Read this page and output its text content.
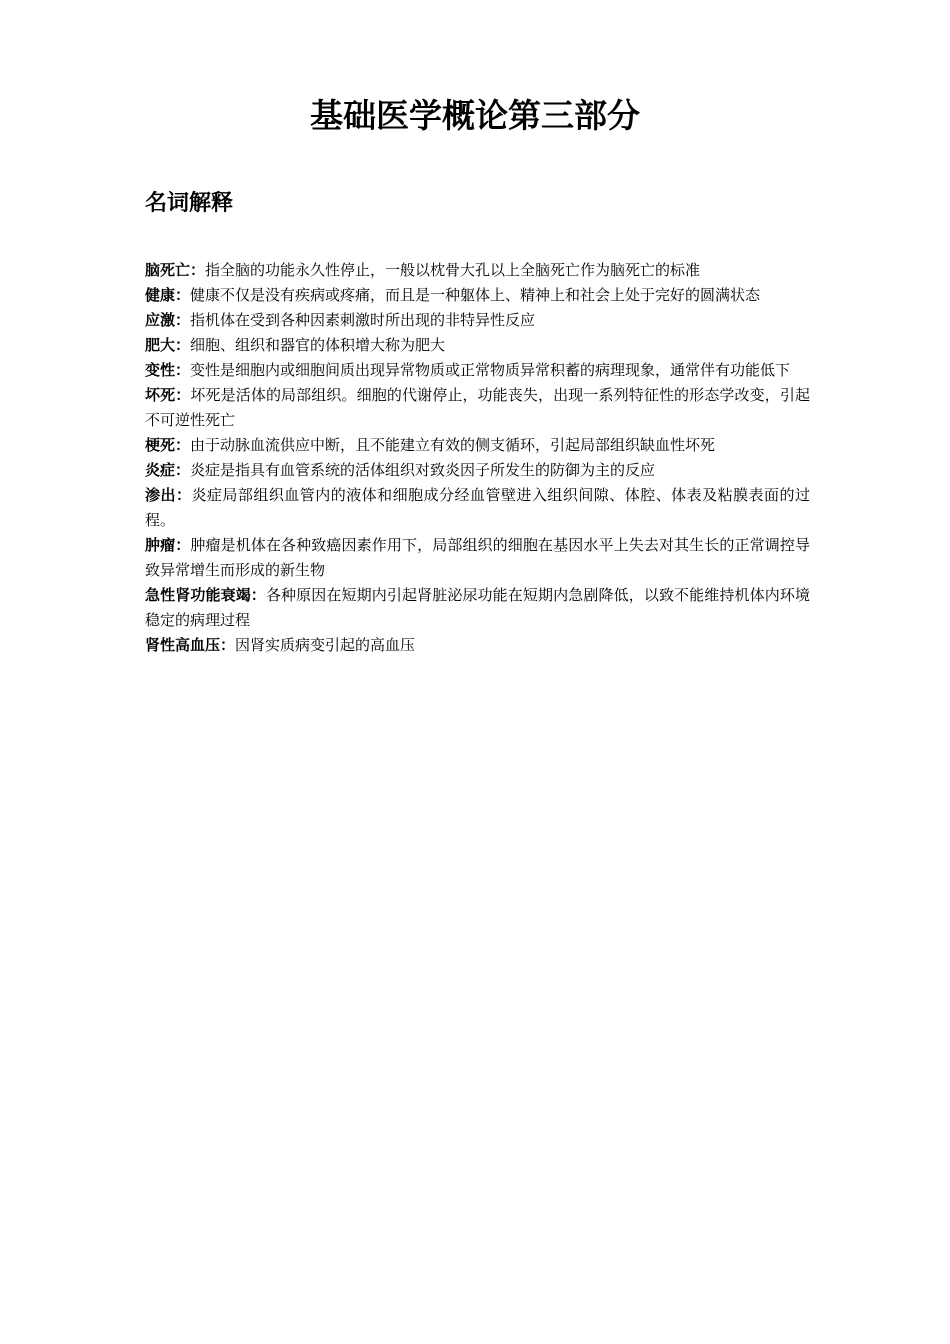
基础医学概论第三部分
名词解释
脑死亡：指全脑的功能永久性停止，一般以枕骨大孔以上全脑死亡作为脑死亡的标准
健康：健康不仅是没有疾病或疼痛，而且是一种躯体上、精神上和社会上处于完好的圆满状态
应激：指机体在受到各种因素刺激时所出现的非特异性反应
肥大：细胞、组织和器官的体积增大称为肥大
变性：变性是细胞内或细胞间质出现异常物质或正常物质异常积蓄的病理现象，通常伴有功能低下
坏死：坏死是活体的局部组织。细胞的代谢停止，功能丧失，出现一系列特征性的形态学改变，引起不可逆性死亡
梗死：由于动脉血流供应中断，且不能建立有效的侧支循环，引起局部组织缺血性坏死
炎症：炎症是指具有血管系统的活体组织对致炎因子所发生的防御为主的反应
渗出：炎症局部组织血管内的液体和细胞成分经血管壁进入组织间隙、体腔、体表及粘膜表面的过程。
肿瘤：肿瘤是机体在各种致癌因素作用下，局部组织的细胞在基因水平上失去对其生长的正常调控导致异常增生而形成的新生物
急性肾功能衰竭：各种原因在短期内引起肾脏泌尿功能在短期内急剧降低，以致不能维持机体内环境稳定的病理过程
肾性高血压：因肾实质病变引起的高血压
